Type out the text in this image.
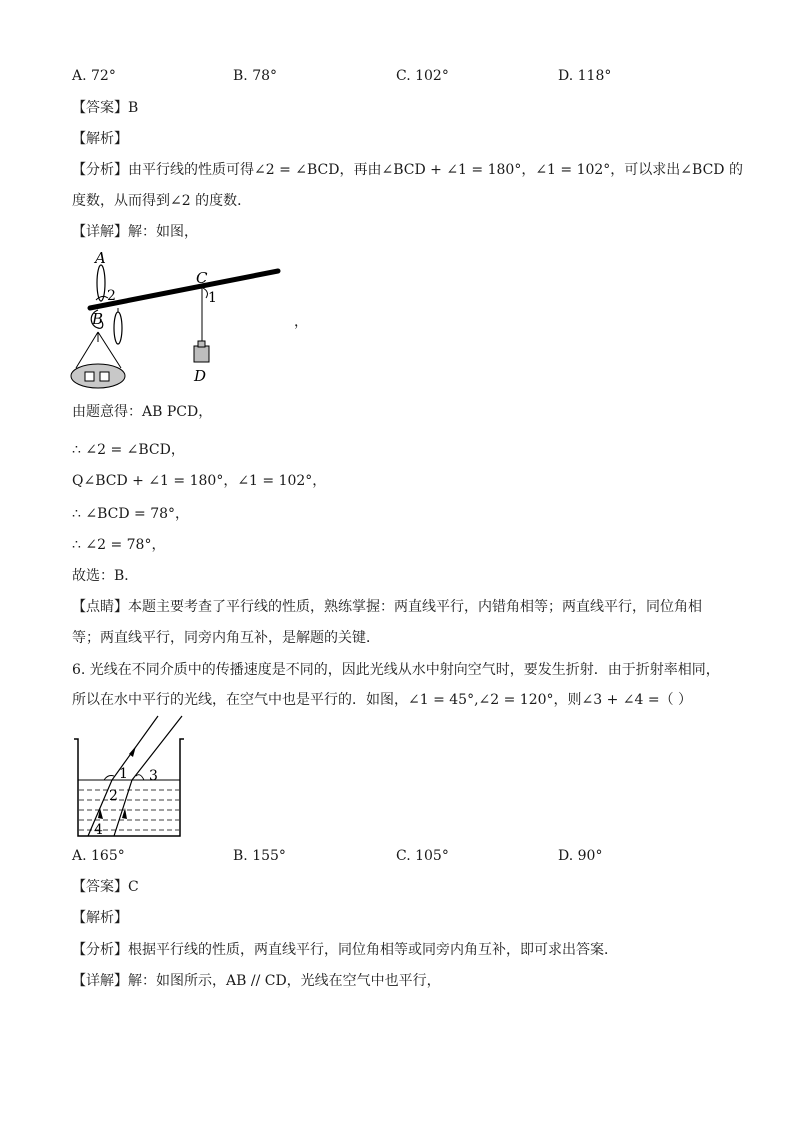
A. 72°	B. 78°	C. 102°	D. 118°
【答案】B
【解析】
【分析】由平行线的性质可得∠2 = ∠BCD，再由∠BCD + ∠1 = 180°，∠1 = 102°，可以求出∠BCD 的
度数，从而得到∠2 的度数．
【详解】解：如图，
A
2
B
C
1
D
，
由题意得：AB PCD，
∴ ∠2 = ∠BCD，
Q∠BCD + ∠1 = 180°，∠1 = 102°，
∴ ∠BCD = 78°，
∴ ∠2 = 78°，
故选：B．
【点睛】本题主要考查了平行线的性质，熟练掌握：两直线平行，内错角相等；两直线平行，同位角相
等；两直线平行，同旁内角互补，是解题的关键．
6. 光线在不同介质中的传播速度是不同的，因此光线从水中射向空气时，要发生折射．由于折射率相同，
所以在水中平行的光线，在空气中也是平行的．如图，∠1 = 45°,∠2 = 120°，则∠3 + ∠4 =（ ）
1
2
3
4
A. 165°	B. 155°	C. 105°	D. 90°
【答案】C
【解析】
【分析】根据平行线的性质，两直线平行，同位角相等或同旁内角互补，即可求出答案．
【详解】解：如图所示，AB // CD，光线在空气中也平行，
